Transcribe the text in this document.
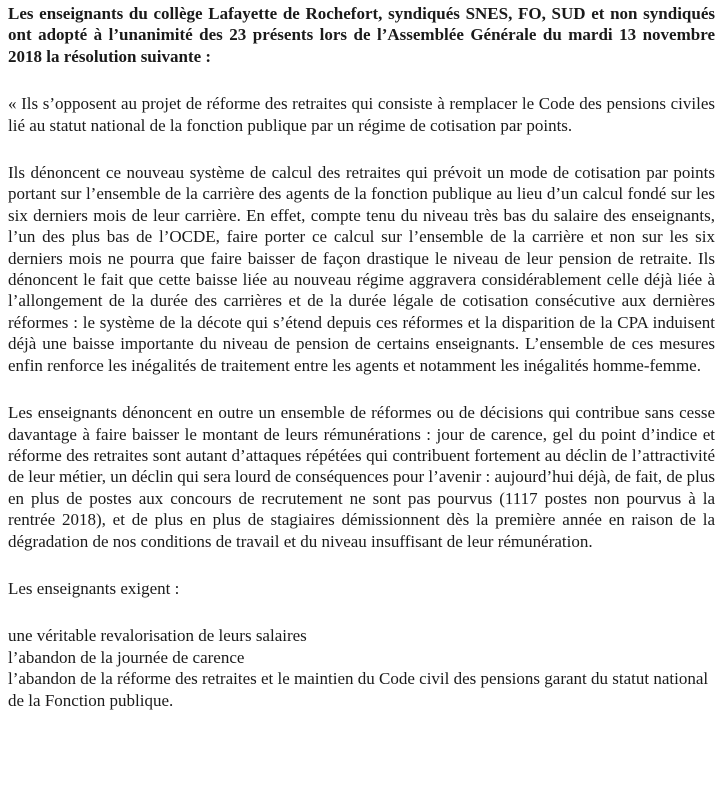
Les enseignants du collège Lafayette de Rochefort, syndiqués SNES, FO, SUD et non syndiqués ont adopté à l’unanimité des 23 présents lors de l’Assemblée Générale du mardi 13 novembre 2018 la résolution suivante :

« Ils s’opposent au projet de réforme des retraites qui consiste à remplacer le Code des pensions civiles lié au statut national de la fonction publique par un régime de cotisation par points.

Ils dénoncent ce nouveau système de calcul des retraites qui prévoit un mode de cotisation par points portant sur l’ensemble de la carrière des agents de la fonction publique au lieu d’un calcul fondé sur les six derniers mois de leur carrière. En effet, compte tenu du niveau très bas du salaire des enseignants, l’un des plus bas de l’OCDE, faire porter ce calcul sur l’ensemble de la carrière et non sur les six derniers mois ne pourra que faire baisser de façon drastique le niveau de leur pension de retraite. Ils dénoncent le fait que cette baisse liée au nouveau régime aggravera considérablement celle déjà liée à l’allongement de la durée des carrières et de la durée légale de cotisation consécutive aux dernières réformes : le système de la décote qui s’étend depuis ces réformes et la disparition de la CPA induisent déjà une baisse importante du niveau de pension de certains enseignants. L’ensemble de ces mesures enfin renforce les inégalités de traitement entre les agents et notamment les inégalités homme-femme.

Les enseignants dénoncent en outre un ensemble de réformes ou de décisions qui contribue sans cesse davantage à faire baisser le montant de leurs rémunérations : jour de carence, gel du point d’indice et réforme des retraites sont autant d’attaques répétées qui contribuent fortement au déclin de l’attractivité de leur métier, un déclin qui sera lourd de conséquences pour l’avenir : aujourd’hui déjà, de fait, de plus en plus de postes aux concours de recrutement ne sont pas pourvus (1117 postes non pourvus à la rentrée 2018), et de plus en plus de stagiaires démissionnent dès la première année en raison de la dégradation de nos conditions de travail et du niveau insuffisant de leur rémunération.

Les enseignants exigent :

une véritable revalorisation de leurs salaires

l’abandon de la journée de carence

l’abandon de la réforme des retraites et le maintien du Code civil des pensions garant du statut national de la Fonction publique.
